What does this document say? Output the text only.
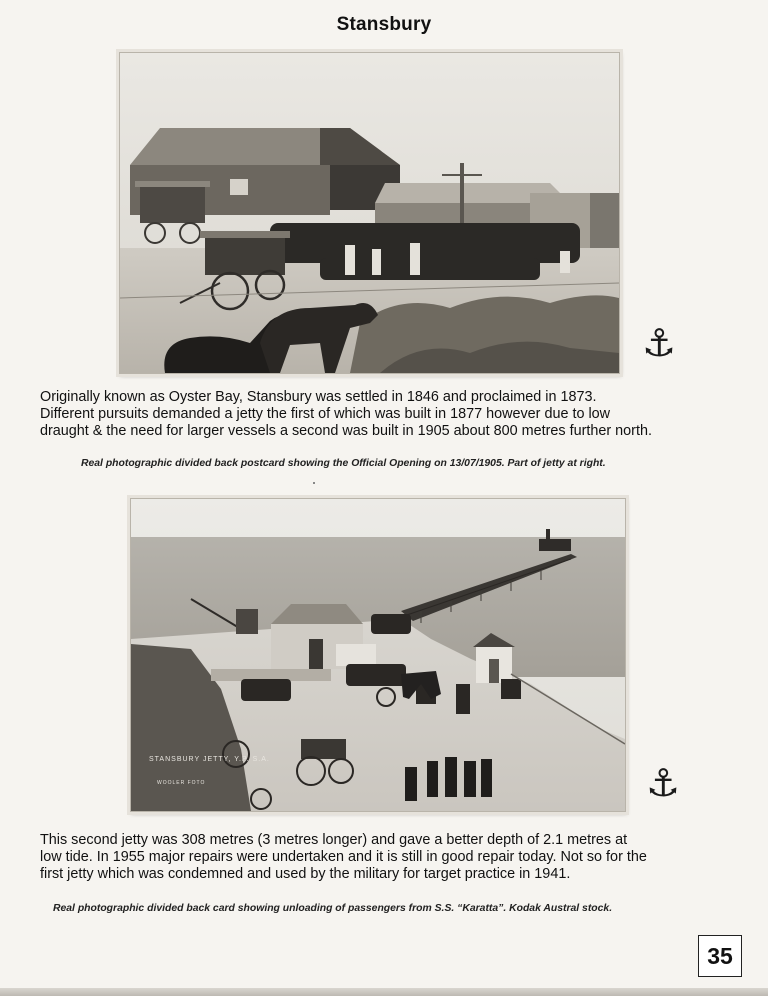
Stansbury
⚓

Originally known as Oyster Bay, Stansbury was settled in 1846 and proclaimed in 1873.

Different pursuits demanded a jetty the first of which was built in 1877 however due to low

draught & the need for larger vessels a second was built in 1905 about 800 metres further north.

Real photographic divided back postcard showing the Official Opening on 13/07/1905. Part of jetty at right.
STANSBURY JETTY, Y.P. S.A.
WOOLER FOTO	⚓

This second jetty was 308 metres (3 metres longer) and gave a better depth of 2.1 metres at

low tide. In 1955 major repairs were undertaken and it is still in good repair today. Not so for the

first jetty which was condemned and used by the military for target practice in 1941.

Real photographic divided back card showing unloading of passengers from S.S. “Karatta”. Kodak Austral stock.
35
